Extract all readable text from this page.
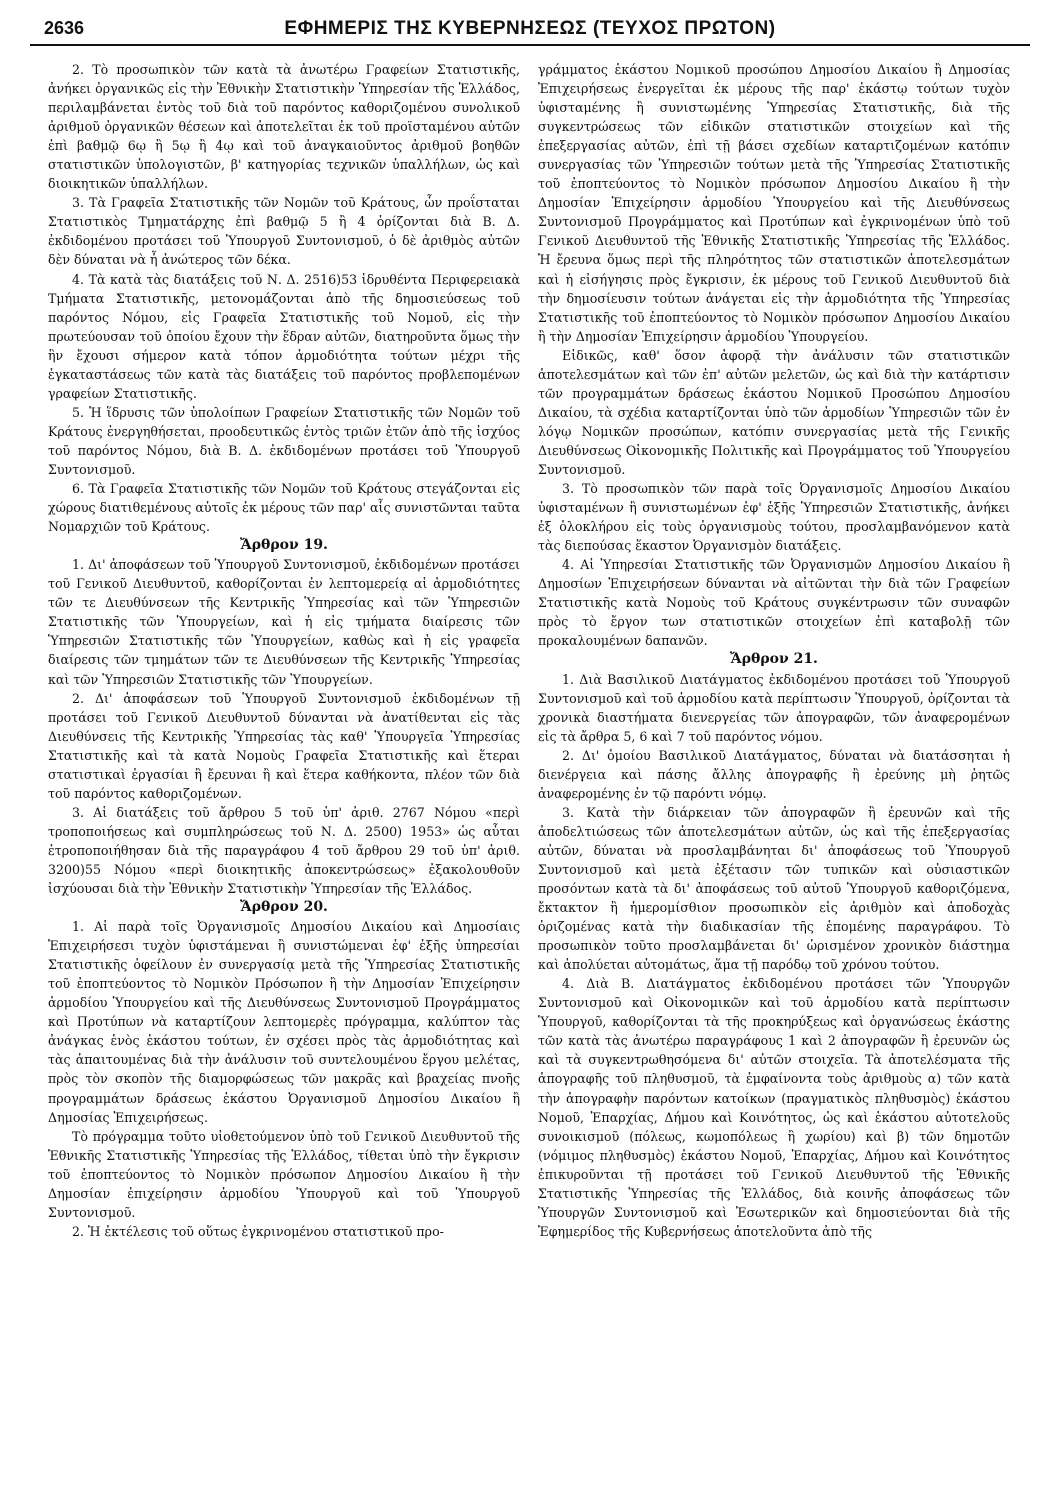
2636	ΕΦΗΜΕΡΙΣ ΤΗΣ ΚΥΒΕΡΝΗΣΕΩΣ (ΤΕΥΧΟΣ ΠΡΩΤΟΝ)

2. Τὸ προσωπικὸν τῶν κατὰ τὰ ἀνωτέρω Γραφείων Στατιστικῆς, ἀνήκει ὀργανικῶς εἰς τὴν Ἐθνικὴν Στατιστικὴν Ὑπηρεσίαν τῆς Ἑλλάδος, περιλαμβάνεται ἐντὸς τοῦ διὰ τοῦ παρόντος καθοριζομένου συνολικοῦ ἀριθμοῦ ὀργανικῶν θέσεων καὶ ἀποτελεῖται ἐκ τοῦ προϊσταμένου αὐτῶν ἐπὶ βαθμῷ 6ῳ ἢ 5ῳ ἢ 4ῳ καὶ τοῦ ἀναγκαιοῦντος ἀριθμοῦ βοηθῶν στατιστικῶν ὑπολογιστῶν, β' κατηγορίας τεχνικῶν ὑπαλλήλων, ὡς καὶ διοικητικῶν ὑπαλλήλων.

3. Τὰ Γραφεῖα Στατιστικῆς τῶν Νομῶν τοῦ Κράτους, ὧν προΐσταται Στατιστικὸς Τμηματάρχης ἐπὶ βαθμῷ 5 ἢ 4 ὁρίζονται διὰ Β. Δ. ἐκδιδομένου προτάσει τοῦ Ὑπουργοῦ Συντονισμοῦ, ὁ δὲ ἀριθμὸς αὐτῶν δὲν δύναται νὰ ἦ ἀνώτερος τῶν δέκα.

4. Τὰ κατὰ τὰς διατάξεις τοῦ Ν. Δ. 2516)53 ἱδρυθέντα Περιφερειακὰ Τμήματα Στατιστικῆς, μετονομάζονται ἀπὸ τῆς δημοσιεύσεως τοῦ παρόντος Νόμου, εἰς Γραφεῖα Στατιστικῆς τοῦ Νομοῦ, εἰς τὴν πρωτεύουσαν τοῦ ὁποίου ἔχουν τὴν ἕδραν αὐτῶν, διατηροῦντα ὅμως τὴν ἣν ἔχουσι σήμερον κατὰ τόπον ἁρμοδιότητα τούτων μέχρι τῆς ἐγκαταστάσεως τῶν κατὰ τὰς διατάξεις τοῦ παρόντος προβλεπομένων γραφείων Στατιστικῆς.

5. Ἡ ἵδρυσις τῶν ὑπολοίπων Γραφείων Στατιστικῆς τῶν Νομῶν τοῦ Κράτους ἐνεργηθήσεται, προοδευτικῶς ἐντὸς τριῶν ἐτῶν ἀπὸ τῆς ἰσχύος τοῦ παρόντος Νόμου, διὰ Β. Δ. ἐκδιδομένων προτάσει τοῦ Ὑπουργοῦ Συντονισμοῦ.

6. Τὰ Γραφεῖα Στατιστικῆς τῶν Νομῶν τοῦ Κράτους στεγάζονται εἰς χώρους διατιθεμένους αὐτοῖς ἐκ μέρους τῶν παρ' αἷς συνιστῶνται ταῦτα Νομαρχιῶν τοῦ Κράτους.

Ἄρθρον 19.

1. Δι' ἀποφάσεων τοῦ Ὑπουργοῦ Συντονισμοῦ, ἐκδιδομένων προτάσει τοῦ Γενικοῦ Διευθυντοῦ, καθορίζονται ἐν λεπτομερείᾳ αἱ ἁρμοδιότητες τῶν τε Διευθύνσεων τῆς Κεντρικῆς Ὑπηρεσίας καὶ τῶν Ὑπηρεσιῶν Στατιστικῆς τῶν Ὑπουργείων, καὶ ἡ εἰς τμήματα διαίρεσις τῶν Ὑπηρεσιῶν Στατιστικῆς τῶν Ὑπουργείων, καθὼς καὶ ἡ εἰς γραφεῖα διαίρεσις τῶν τμημάτων τῶν τε Διευθύνσεων τῆς Κεντρικῆς Ὑπηρεσίας καὶ τῶν Ὑπηρεσιῶν Στατιστικῆς τῶν Ὑπουργείων.

2. Δι' ἀποφάσεων τοῦ Ὑπουργοῦ Συντονισμοῦ ἐκδιδομένων τῇ προτάσει τοῦ Γενικοῦ Διευθυντοῦ δύνανται νὰ ἀνατίθενται εἰς τὰς Διευθύνσεις τῆς Κεντρικῆς Ὑπηρεσίας τὰς καθ' Ὑπουργεῖα Ὑπηρεσίας Στατιστικῆς καὶ τὰ κατὰ Νομοὺς Γραφεῖα Στατιστικῆς καὶ ἕτεραι στατιστικαὶ ἐργασίαι ἢ ἔρευναι ἢ καὶ ἕτερα καθήκοντα, πλέον τῶν διὰ τοῦ παρόντος καθοριζομένων.

3. Αἱ διατάξεις τοῦ ἄρθρου 5 τοῦ ὑπ' ἀριθ. 2767 Νόμου «περὶ τροποποιήσεως καὶ συμπληρώσεως τοῦ Ν. Δ. 2500) 1953» ὡς αὗται ἐτροποποιήθησαν διὰ τῆς παραγράφου 4 τοῦ ἄρθρου 29 τοῦ ὑπ' ἀριθ. 3200)55 Νόμου «περὶ διοικητικῆς ἀποκεντρώσεως» ἐξακολουθοῦν ἰσχύουσαι διὰ τὴν Ἐθνικὴν Στατιστικὴν Ὑπηρεσίαν τῆς Ἑλλάδος.

Ἄρθρον 20.

1. Αἱ παρὰ τοῖς Ὀργανισμοῖς Δημοσίου Δικαίου καὶ Δημοσίαις Ἐπιχειρήσεσι τυχὸν ὑφιστάμεναι ἢ συνιστώμεναι ἐφ' ἑξῆς ὑπηρεσίαι Στατιστικῆς ὀφείλουν ἐν συνεργασίᾳ μετὰ τῆς Ὑπηρεσίας Στατιστικῆς τοῦ ἐποπτεύοντος τὸ Νομικὸν Πρόσωπον ἢ τὴν Δημοσίαν Ἐπιχείρησιν ἁρμοδίου Ὑπουργείου καὶ τῆς Διευθύνσεως Συντονισμοῦ Προγράμματος καὶ Προτύπων νὰ καταρτίζουν λεπτομερὲς πρόγραμμα, καλύπτον τὰς ἀνάγκας ἑνὸς ἑκάστου τούτων, ἐν σχέσει πρὸς τὰς ἁρμοδιότητας καὶ τὰς ἀπαιτουμένας διὰ τὴν ἀνάλυσιν τοῦ συντελουμένου ἔργου μελέτας, πρὸς τὸν σκοπὸν τῆς διαμορφώσεως τῶν μακρᾶς καὶ βραχείας πνοῆς προγραμμάτων δράσεως ἑκάστου Ὀργανισμοῦ Δημοσίου Δικαίου ἢ Δημοσίας Ἐπιχειρήσεως.

Τὸ πρόγραμμα τοῦτο υἱοθετούμενον ὑπὸ τοῦ Γενικοῦ Διευθυντοῦ τῆς Ἐθνικῆς Στατιστικῆς Ὑπηρεσίας τῆς Ἑλλάδος, τίθεται ὑπὸ τὴν ἔγκρισιν τοῦ ἐποπτεύοντος τὸ Νομικὸν πρόσωπον Δημοσίου Δικαίου ἢ τὴν Δημοσίαν ἐπιχείρησιν ἁρμοδίου Ὑπουργοῦ καὶ τοῦ Ὑπουργοῦ Συντονισμοῦ.

2. Ἡ ἐκτέλεσις τοῦ οὕτως ἐγκρινομένου στατιστικοῦ προ-

γράμματος ἑκάστου Νομικοῦ προσώπου Δημοσίου Δικαίου ἢ Δημοσίας Ἐπιχειρήσεως ἐνεργεῖται ἐκ μέρους τῆς παρ' ἑκάστῳ τούτων τυχὸν ὑφισταμένης ἢ συνιστωμένης Ὑπηρεσίας Στατιστικῆς, διὰ τῆς συγκεντρώσεως τῶν εἰδικῶν στατιστικῶν στοιχείων καὶ τῆς ἐπεξεργασίας αὐτῶν, ἐπὶ τῇ βάσει σχεδίων καταρτιζομένων κατόπιν συνεργασίας τῶν Ὑπηρεσιῶν τούτων μετὰ τῆς Ὑπηρεσίας Στατιστικῆς τοῦ ἐποπτεύοντος τὸ Νομικὸν πρόσωπον Δημοσίου Δικαίου ἢ τὴν Δημοσίαν Ἐπιχείρησιν ἁρμοδίου Ὑπουργείου καὶ τῆς Διευθύνσεως Συντονισμοῦ Προγράμματος καὶ Προτύπων καὶ ἐγκρινομένων ὑπὸ τοῦ Γενικοῦ Διευθυντοῦ τῆς Ἐθνικῆς Στατιστικῆς Ὑπηρεσίας τῆς Ἑλλάδος. Ἡ ἔρευνα ὅμως περὶ τῆς πληρότητος τῶν στατιστικῶν ἀποτελεσμάτων καὶ ἡ εἰσήγησις πρὸς ἔγκρισιν, ἐκ μέρους τοῦ Γενικοῦ Διευθυντοῦ διὰ τὴν δημοσίευσιν τούτων ἀνάγεται εἰς τὴν ἁρμοδιότητα τῆς Ὑπηρεσίας Στατιστικῆς τοῦ ἐποπτεύοντος τὸ Νομικὸν πρόσωπον Δημοσίου Δικαίου ἢ τὴν Δημοσίαν Ἐπιχείρησιν ἁρμοδίου Ὑπουργείου.

Εἰδικῶς, καθ' ὅσον ἀφορᾷ τὴν ἀνάλυσιν τῶν στατιστικῶν ἀποτελεσμάτων καὶ τῶν ἐπ' αὐτῶν μελετῶν, ὡς καὶ διὰ τὴν κατάρτισιν τῶν προγραμμάτων δράσεως ἑκάστου Νομικοῦ Προσώπου Δημοσίου Δικαίου, τὰ σχέδια καταρτίζονται ὑπὸ τῶν ἁρμοδίων Ὑπηρεσιῶν τῶν ἐν λόγῳ Νομικῶν προσώπων, κατόπιν συνεργασίας μετὰ τῆς Γενικῆς Διευθύνσεως Οἰκονομικῆς Πολιτικῆς καὶ Προγράμματος τοῦ Ὑπουργείου Συντονισμοῦ.

3. Τὸ προσωπικὸν τῶν παρὰ τοῖς Ὀργανισμοῖς Δημοσίου Δικαίου ὑφισταμένων ἢ συνιστωμένων ἐφ' ἑξῆς Ὑπηρεσιῶν Στατιστικῆς, ἀνήκει ἐξ ὁλοκλήρου εἰς τοὺς ὀργανισμοὺς τούτου, προσλαμβανόμενον κατὰ τὰς διεπούσας ἕκαστον Ὀργανισμὸν διατάξεις.

4. Αἱ Ὑπηρεσίαι Στατιστικῆς τῶν Ὀργανισμῶν Δημοσίου Δικαίου ἢ Δημοσίων Ἐπιχειρήσεων δύνανται νὰ αἰτῶνται τὴν διὰ τῶν Γραφείων Στατιστικῆς κατὰ Νομοὺς τοῦ Κράτους συγκέντρωσιν τῶν συναφῶν πρὸς τὸ ἔργον των στατιστικῶν στοιχείων ἐπὶ καταβολῇ τῶν προκαλουμένων δαπανῶν.

Ἄρθρον 21.

1. Διὰ Βασιλικοῦ Διατάγματος ἐκδιδομένου προτάσει τοῦ Ὑπουργοῦ Συντονισμοῦ καὶ τοῦ ἁρμοδίου κατὰ περίπτωσιν Ὑπουργοῦ, ὁρίζονται τὰ χρονικὰ διαστήματα διενεργείας τῶν ἀπογραφῶν, τῶν ἀναφερομένων εἰς τὰ ἄρθρα 5, 6 καὶ 7 τοῦ παρόντος νόμου.

2. Δι' ὁμοίου Βασιλικοῦ Διατάγματος, δύναται νὰ διατάσσηται ἡ διενέργεια καὶ πάσης ἄλλης ἀπογραφῆς ἢ ἐρεύνης μὴ ῥητῶς ἀναφερομένης ἐν τῷ παρόντι νόμῳ.

3. Κατὰ τὴν διάρκειαν τῶν ἀπογραφῶν ἢ ἐρευνῶν καὶ τῆς ἀποδελτιώσεως τῶν ἀποτελεσμάτων αὐτῶν, ὡς καὶ τῆς ἐπεξεργασίας αὐτῶν, δύναται νὰ προσλαμβάνηται δι' ἀποφάσεως τοῦ Ὑπουργοῦ Συντονισμοῦ καὶ μετὰ ἐξέτασιν τῶν τυπικῶν καὶ οὐσιαστικῶν προσόντων κατὰ τὰ δι' ἀποφάσεως τοῦ αὐτοῦ Ὑπουργοῦ καθοριζόμενα, ἔκτακτον ἢ ἡμερομίσθιον προσωπικὸν εἰς ἀριθμὸν καὶ ἀποδοχὰς ὁριζομένας κατὰ τὴν διαδικασίαν τῆς ἑπομένης παραγράφου. Τὸ προσωπικὸν τοῦτο προσλαμβάνεται δι' ὡρισμένον χρονικὸν διάστημα καὶ ἀπολύεται αὐτομάτως, ἅμα τῇ παρόδῳ τοῦ χρόνου τούτου.

4. Διὰ Β. Διατάγματος ἐκδιδομένου προτάσει τῶν Ὑπουργῶν Συντονισμοῦ καὶ Οἰκονομικῶν καὶ τοῦ ἁρμοδίου κατὰ περίπτωσιν Ὑπουργοῦ, καθορίζονται τὰ τῆς προκηρύξεως καὶ ὀργανώσεως ἑκάστης τῶν κατὰ τὰς ἀνωτέρω παραγράφους 1 καὶ 2 ἀπογραφῶν ἢ ἐρευνῶν ὡς καὶ τὰ συγκεντρωθησόμενα δι' αὐτῶν στοιχεῖα. Τὰ ἀποτελέσματα τῆς ἀπογραφῆς τοῦ πληθυσμοῦ, τὰ ἐμφαίνοντα τοὺς ἀριθμοὺς α) τῶν κατὰ τὴν ἀπογραφὴν παρόντων κατοίκων (πραγματικὸς πληθυσμὸς) ἑκάστου Νομοῦ, Ἐπαρχίας, Δήμου καὶ Κοινότητος, ὡς καὶ ἑκάστου αὐτοτελοῦς συνοικισμοῦ (πόλεως, κωμοπόλεως ἢ χωρίου) καὶ β) τῶν δημοτῶν (νόμιμος πληθυσμὸς) ἑκάστου Νομοῦ, Ἐπαρχίας, Δήμου καὶ Κοινότητος ἐπικυροῦνται τῇ προτάσει τοῦ Γενικοῦ Διευθυντοῦ τῆς Ἐθνικῆς Στατιστικῆς Ὑπηρεσίας τῆς Ἑλλάδος, διὰ κοινῆς ἀποφάσεως τῶν Ὑπουργῶν Συντονισμοῦ καὶ Ἐσωτερικῶν καὶ δημοσιεύονται διὰ τῆς Ἐφημερίδος τῆς Κυβερνήσεως ἀποτελοῦντα ἀπὸ τῆς
